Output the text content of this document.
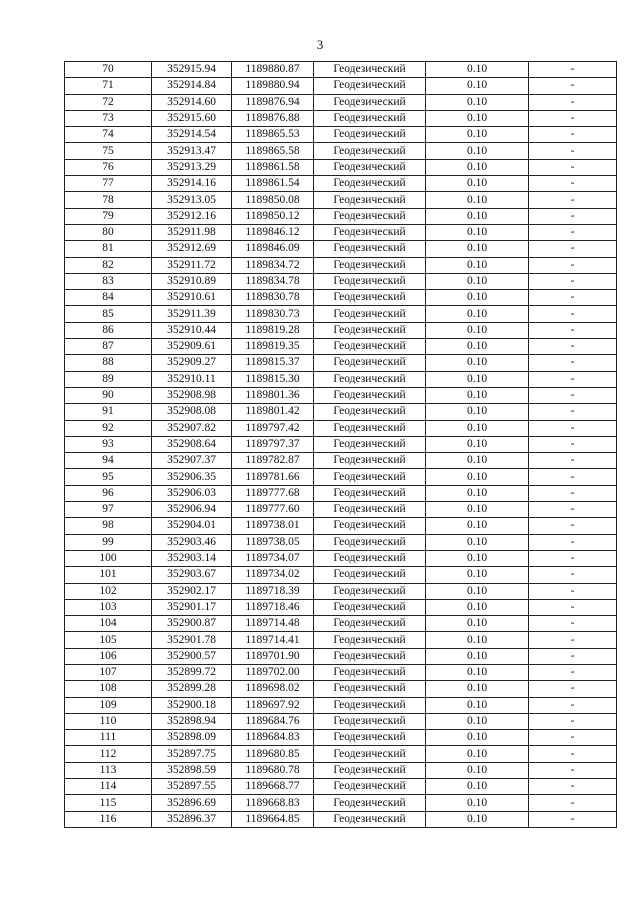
3
70	352915.94	1189880.87	Геодезический	0.10	-
71	352914.84	1189880.94	Геодезический	0.10	-
72	352914.60	1189876.94	Геодезический	0.10	-
73	352915.60	1189876.88	Геодезический	0.10	-
74	352914.54	1189865.53	Геодезический	0.10	-
75	352913.47	1189865.58	Геодезический	0.10	-
76	352913.29	1189861.58	Геодезический	0.10	-
77	352914.16	1189861.54	Геодезический	0.10	-
78	352913.05	1189850.08	Геодезический	0.10	-
79	352912.16	1189850.12	Геодезический	0.10	-
80	352911.98	1189846.12	Геодезический	0.10	-
81	352912.69	1189846.09	Геодезический	0.10	-
82	352911.72	1189834.72	Геодезический	0.10	-
83	352910.89	1189834.78	Геодезический	0.10	-
84	352910.61	1189830.78	Геодезический	0.10	-
85	352911.39	1189830.73	Геодезический	0.10	-
86	352910.44	1189819.28	Геодезический	0.10	-
87	352909.61	1189819.35	Геодезический	0.10	-
88	352909.27	1189815.37	Геодезический	0.10	-
89	352910.11	1189815.30	Геодезический	0.10	-
90	352908.98	1189801.36	Геодезический	0.10	-
91	352908.08	1189801.42	Геодезический	0.10	-
92	352907.82	1189797.42	Геодезический	0.10	-
93	352908.64	1189797.37	Геодезический	0.10	-
94	352907.37	1189782.87	Геодезический	0.10	-
95	352906.35	1189781.66	Геодезический	0.10	-
96	352906.03	1189777.68	Геодезический	0.10	-
97	352906.94	1189777.60	Геодезический	0.10	-
98	352904.01	1189738.01	Геодезический	0.10	-
99	352903.46	1189738.05	Геодезический	0.10	-
100	352903.14	1189734.07	Геодезический	0.10	-
101	352903.67	1189734.02	Геодезический	0.10	-
102	352902.17	1189718.39	Геодезический	0.10	-
103	352901.17	1189718.46	Геодезический	0.10	-
104	352900.87	1189714.48	Геодезический	0.10	-
105	352901.78	1189714.41	Геодезический	0.10	-
106	352900.57	1189701.90	Геодезический	0.10	-
107	352899.72	1189702.00	Геодезический	0.10	-
108	352899.28	1189698.02	Геодезический	0.10	-
109	352900.18	1189697.92	Геодезический	0.10	-
110	352898.94	1189684.76	Геодезический	0.10	-
111	352898.09	1189684.83	Геодезический	0.10	-
112	352897.75	1189680.85	Геодезический	0.10	-
113	352898.59	1189680.78	Геодезический	0.10	-
114	352897.55	1189668.77	Геодезический	0.10	-
115	352896.69	1189668.83	Геодезический	0.10	-
116	352896.37	1189664.85	Геодезический	0.10	-
